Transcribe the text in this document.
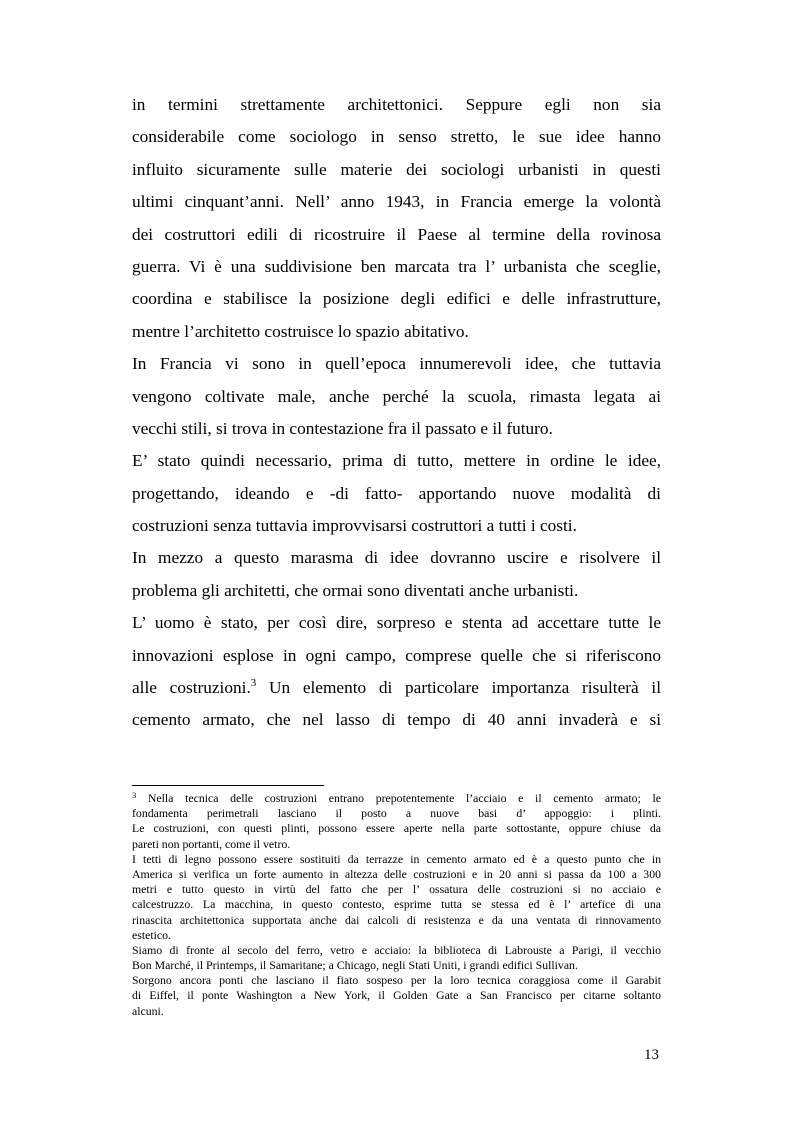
in termini strettamente architettonici. Seppure egli non sia
considerabile come sociologo in senso stretto, le sue idee hanno
influito sicuramente sulle materie dei sociologi urbanisti in questi
ultimi cinquant’anni. Nell’ anno 1943, in Francia emerge la volontà
dei costruttori edili di ricostruire il Paese al termine della rovinosa
guerra. Vi è una suddivisione ben marcata tra l’ urbanista che sceglie,
coordina e stabilisce la posizione degli edifici e delle infrastrutture,
mentre l’architetto costruisce lo spazio abitativo.
In Francia vi sono in quell’epoca innumerevoli idee, che tuttavia
vengono coltivate male, anche perché la scuola, rimasta legata ai
vecchi stili, si trova in contestazione fra il passato e il futuro.
E’ stato quindi necessario, prima di tutto, mettere in ordine le idee,
progettando, ideando e -di fatto- apportando nuove modalità di
costruzioni senza tuttavia improvvisarsi costruttori a tutti i costi.
In mezzo a questo marasma di idee dovranno uscire e risolvere il
problema gli architetti, che ormai sono diventati anche urbanisti.
L’ uomo è stato, per così dire, sorpreso e stenta ad accettare tutte le
innovazioni esplose in ogni campo, comprese quelle che si riferiscono
alle costruzioni.$^3$ Un elemento di particolare importanza risulterà il
cemento armato, che nel lasso di tempo di 40 anni invaderà e si
$^3$ Nella tecnica delle costruzioni entrano prepotentemente l’acciaio e il cemento armato; le
fondamenta perimetrali lasciano il posto a nuove basi d’ appoggio: i plinti.
Le costruzioni, con questi plinti, possono essere aperte nella parte sottostante, oppure chiuse da
pareti non portanti, come il vetro.
I tetti di legno possono essere sostituiti da terrazze in cemento armato ed è a questo punto che in
America si verifica un forte aumento in altezza delle costruzioni e in 20 anni si passa da 100 a 300
metri e tutto questo in virtù del fatto che per l’ ossatura delle costruzioni si no acciaio e
calcestruzzo. La macchina, in questo contesto, esprime tutta se stessa ed è l’ artefice di una
rinascita architettonica supportata anche dai calcoli di resistenza e da una ventata di rinnovamento
estetico.
Siamo di fronte al secolo del ferro, vetro e acciaio: la biblioteca di Labrouste a Parigi, il vecchio
Bon Marché, il Printemps, il Samaritane; a Chicago, negli Stati Uniti, i grandi edifici Sullivan.
Sorgono ancora ponti che lasciano il fiato sospeso per la loro tecnica coraggiosa come il Garabit
di Eiffel, il ponte Washington a New York, il Golden Gate a San Francisco per citarne soltanto
alcuni.
13
